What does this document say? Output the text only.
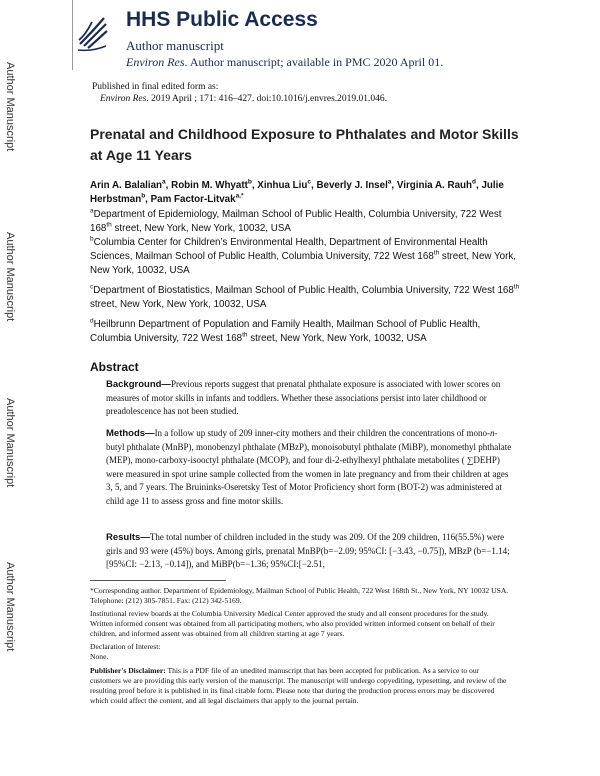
Author Manuscript
Author Manuscript
Author Manuscript
Author Manuscript
HHS Public Access
Author manuscript
Environ Res. Author manuscript; available in PMC 2020 April 01.
Published in final edited form as:
Environ Res. 2019 April ; 171: 416–427. doi:10.1016/j.envres.2019.01.046.
Prenatal and Childhood Exposure to Phthalates and Motor Skills at Age 11 Years
Arin A. Balalian$^a$, Robin M. Whyatt$^b$, Xinhua Liu$^c$, Beverly J. Insel$^a$, Virginia A. Rauh$^d$, Julie Herbstman$^b$, Pam Factor-Litvak$^{a,*}$
$^a$Department of Epidemiology, Mailman School of Public Health, Columbia University, 722 West 168th street, New York, New York, 10032, USA
$^b$Columbia Center for Children’s Environmental Health, Department of Environmental Health Sciences, Mailman School of Public Health, Columbia University, 722 West 168th street, New York, New York, 10032, USA
$^c$Department of Biostatistics, Mailman School of Public Health, Columbia University, 722 West 168th street, New York, New York, 10032, USA
$^d$Heilbrunn Department of Population and Family Health, Mailman School of Public Health, Columbia University, 722 West 168th street, New York, New York, 10032, USA
Abstract
Background—Previous reports suggest that prenatal phthalate exposure is associated with lower scores on measures of motor skills in infants and toddlers. Whether these associations persist into later childhood or preadolescence has not been studied.
Methods—In a follow up study of 209 inner-city mothers and their children the concentrations of mono-n-butyl phthalate (MnBP), monobenzyl phthalate (MBzP), monoisobutyl phthalate (MiBP), monomethyl phthalate (MEP), mono-carboxy-isooctyl phthalate (MCOP), and four di-2-ethylhexyl phthalate metabolites ( ∑DEHP) were measured in spot urine sample collected from the women in late pregnancy and from their children at ages 3, 5, and 7 years. The Bruininks-Oseretsky Test of Motor Proficiency short form (BOT-2) was administered at child age 11 to assess gross and fine motor skills.
Results—The total number of children included in the study was 209. Of the 209 children, 116(55.5%) were girls and 93 were (45%) boys. Among girls, prenatal MnBP(b=−2.09; 95%CI: [−3.43, −0.75]), MBzP (b=−1.14; [95%CI: −2.13, −0.14]), and MiBP(b=−1.36; 95%CI:[−2.51,
*Corresponding author. Department of Epidemiology, Mailman School of Public Health, 722 West 168th St., New York, NY 10032 USA. Telephone: (212) 305-7851. Fax: (212) 342-5169.
Institutional review boards at the Columbia University Medical Center approved the study and all consent procedures for the study. Written informed consent was obtained from all participating mothers, who also provided written informed consent on behalf of their children, and informed assent was obtained from all children starting at age 7 years.
Declaration of Interest:
None.
Publisher's Disclaimer: This is a PDF file of an unedited manuscript that has been accepted for publication. As a service to our customers we are providing this early version of the manuscript. The manuscript will undergo copyediting, typesetting, and review of the resulting proof before it is published in its final citable form. Please note that during the production process errors may be discovered which could affect the content, and all legal disclaimers that apply to the journal pertain.
